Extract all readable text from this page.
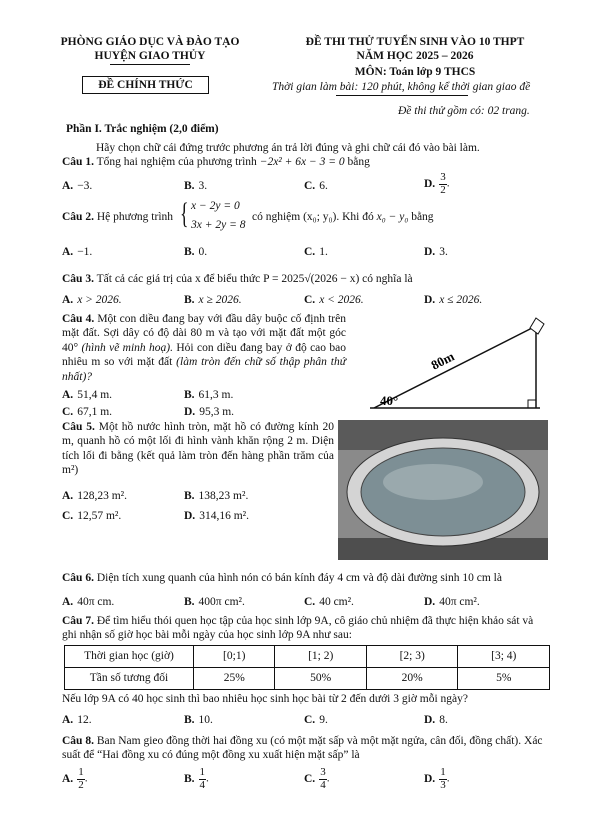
PHÒNG GIÁO DỤC VÀ ĐÀO TẠO
HUYỆN GIAO THỦY
ĐỀ CHÍNH THỨC
ĐỀ THI THỬ TUYỂN SINH VÀO 10 THPT
NĂM HỌC 2025 – 2026
MÔN: Toán lớp 9 THCS
Thời gian làm bài: 120 phút, không kể thời gian giao đề
Đề thi thử gồm có: 02 trang.
Phần I. Trắc nghiệm (2,0 điểm)
Hãy chọn chữ cái đứng trước phương án trả lời đúng và ghi chữ cái đó vào bài làm.
Câu 1. Tổng hai nghiệm của phương trình −2x² + 6x − 3 = 0 bằng
A. −3.	B. 3.	C. 6.	D. $\frac{3}{2}$ .
Câu 2. Hệ phương trình { x − 2y = 0
3x + 2y = 8
có nghiệm (x₀; y₀). Khi đó x₀ − y₀ bằng
A. −1.	B. 0.	C. 1.	D. 3.
Câu 3. Tất cả các giá trị của x để biểu thức P = 2025√(2026 − x) có nghĩa là
A. x > 2026.	B. x ≥ 2026.	C. x < 2026.	D. x ≤ 2026.
Câu 4. Một con diều đang bay với đầu dây buộc cố định trên mặt đất. Sợi dây có độ dài 80 m và tạo với mặt đất một góc 40° (hình vẽ minh hoạ). Hỏi con diều đang bay ở độ cao bao nhiêu m so với mặt đất (làm tròn đến chữ số thập phân thứ nhất)?
A. 51,4 m.	B. 61,3 m.
C. 67,1 m.	D. 95,3 m.
80m
40°
Câu 5. Một hồ nước hình tròn, mặt hồ có đường kính 20 m, quanh hồ có một lối đi hình vành khăn rộng 2 m. Diện tích lối đi bằng (kết quả làm tròn đến hàng phần trăm của m²)
A. 128,23 m².	B. 138,23 m².
C. 12,57 m².	D. 314,16 m².
Câu 6. Diện tích xung quanh của hình nón có bán kính đáy 4 cm và độ dài đường sinh 10 cm là
A. 40π cm.	B. 400π cm².	C. 40 cm².	D. 40π cm².
Câu 7. Để tìm hiểu thói quen học tập của học sinh lớp 9A, cô giáo chủ nhiệm đã thực hiện khảo sát và ghi nhận số giờ học bài mỗi ngày của học sinh lớp 9A như sau:
Thời gian học (giờ)	[0;1)	[1; 2)	[2; 3)	[3; 4)
Tần số tương đối	25%	50%	20%	5%
Nếu lớp 9A có 40 học sinh thì bao nhiêu học sinh học bài từ 2 đến dưới 3 giờ mỗi ngày?
A. 12.	B. 10.	C. 9.	D. 8.
Câu 8. Ban Nam gieo đồng thời hai đồng xu (có một mặt sấp và một mặt ngửa, cân đối, đồng chất). Xác suất để “Hai đồng xu có đúng một đồng xu xuất hiện mặt sấp” là
A. $\frac{1}{2}$ .	B. $\frac{1}{4}$ .	C. $\frac{3}{4}$ .	D. $\frac{1}{3}$ .
